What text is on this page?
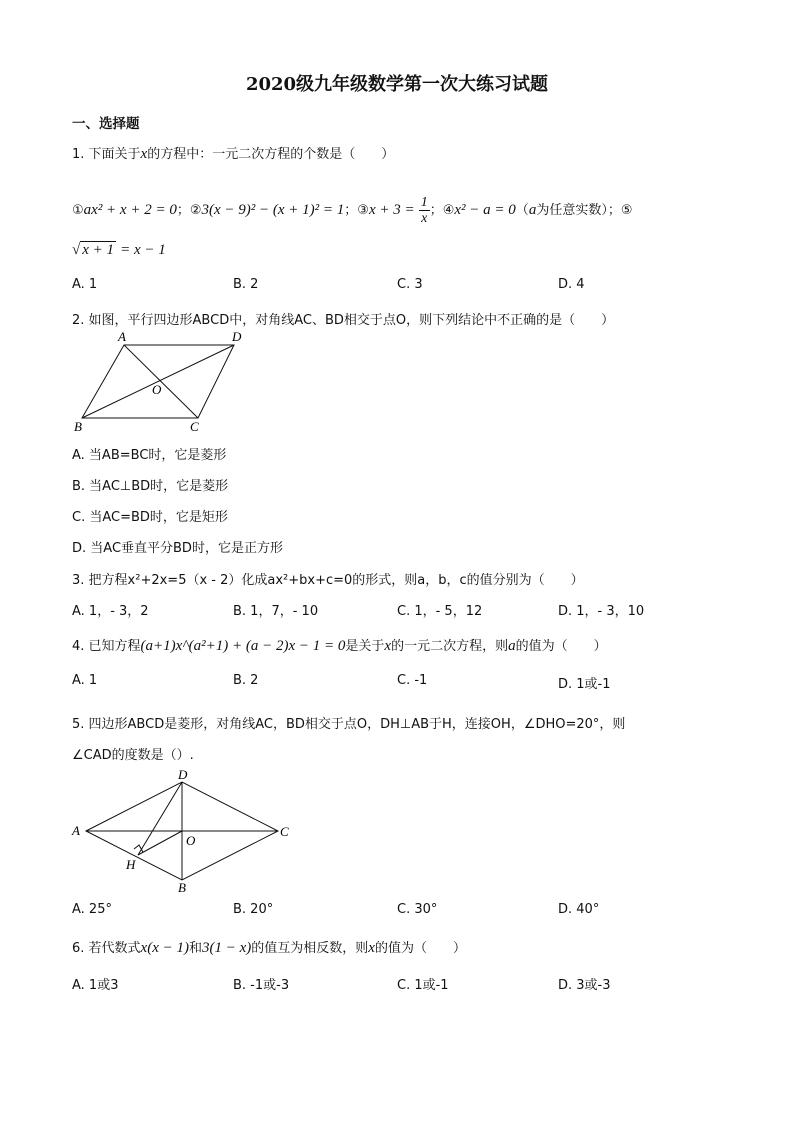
2020级九年级数学第一次大练习试题
一、选择题
1. 下面关于x的方程中：一元二次方程的个数是（　　）
①ax² + x + 2 = 0；②3(x − 9)² − (x + 1)² = 1；③x + $3 = \frac{1}{x}$ ；④x² − a = 0（a为任意实数）；⑤
√ x + 1 = x − 1
A. 1	B. 2	C. 3	D. 4
2. 如图，平行四边形ABCD中，对角线AC、BD相交于点O，则下列结论中不正确的是（　　）
A	D
B	C
O
A. 当AB=BC时，它是菱形
B. 当AC⊥BD时，它是菱形
C. 当AC=BD时，它是矩形
D. 当AC垂直平分BD时，它是正方形
3. 把方程x²+2x=5（x - 2）化成ax²+bx+c=0的形式，则a，b，c的值分别为（　　）
A. 1，- 3，2	B. 1，7，- 10	C. 1，- 5，12	D. 1，- 3，10
4. 已知方程(a+1)x^(a²+1) + (a − 2)x − 1 = 0是关于x的一元二次方程，则a的值为（　　）
A. 1	B. 2	C. -1	D. 1或-1
5. 四边形ABCD是菱形，对角线AC，BD相交于点O，DH⊥AB于H，连接OH，∠DHO=20°，则
∠CAD的度数是（）.
A
D
C
B
O
H
A. 25°	B. 20°	C. 30°	D. 40°
6. 若代数式x(x − 1)和3(1 − x)的值互为相反数，则x的值为（　　）
A. 1或3	B. -1或-3	C. 1或-1	D. 3或-3
